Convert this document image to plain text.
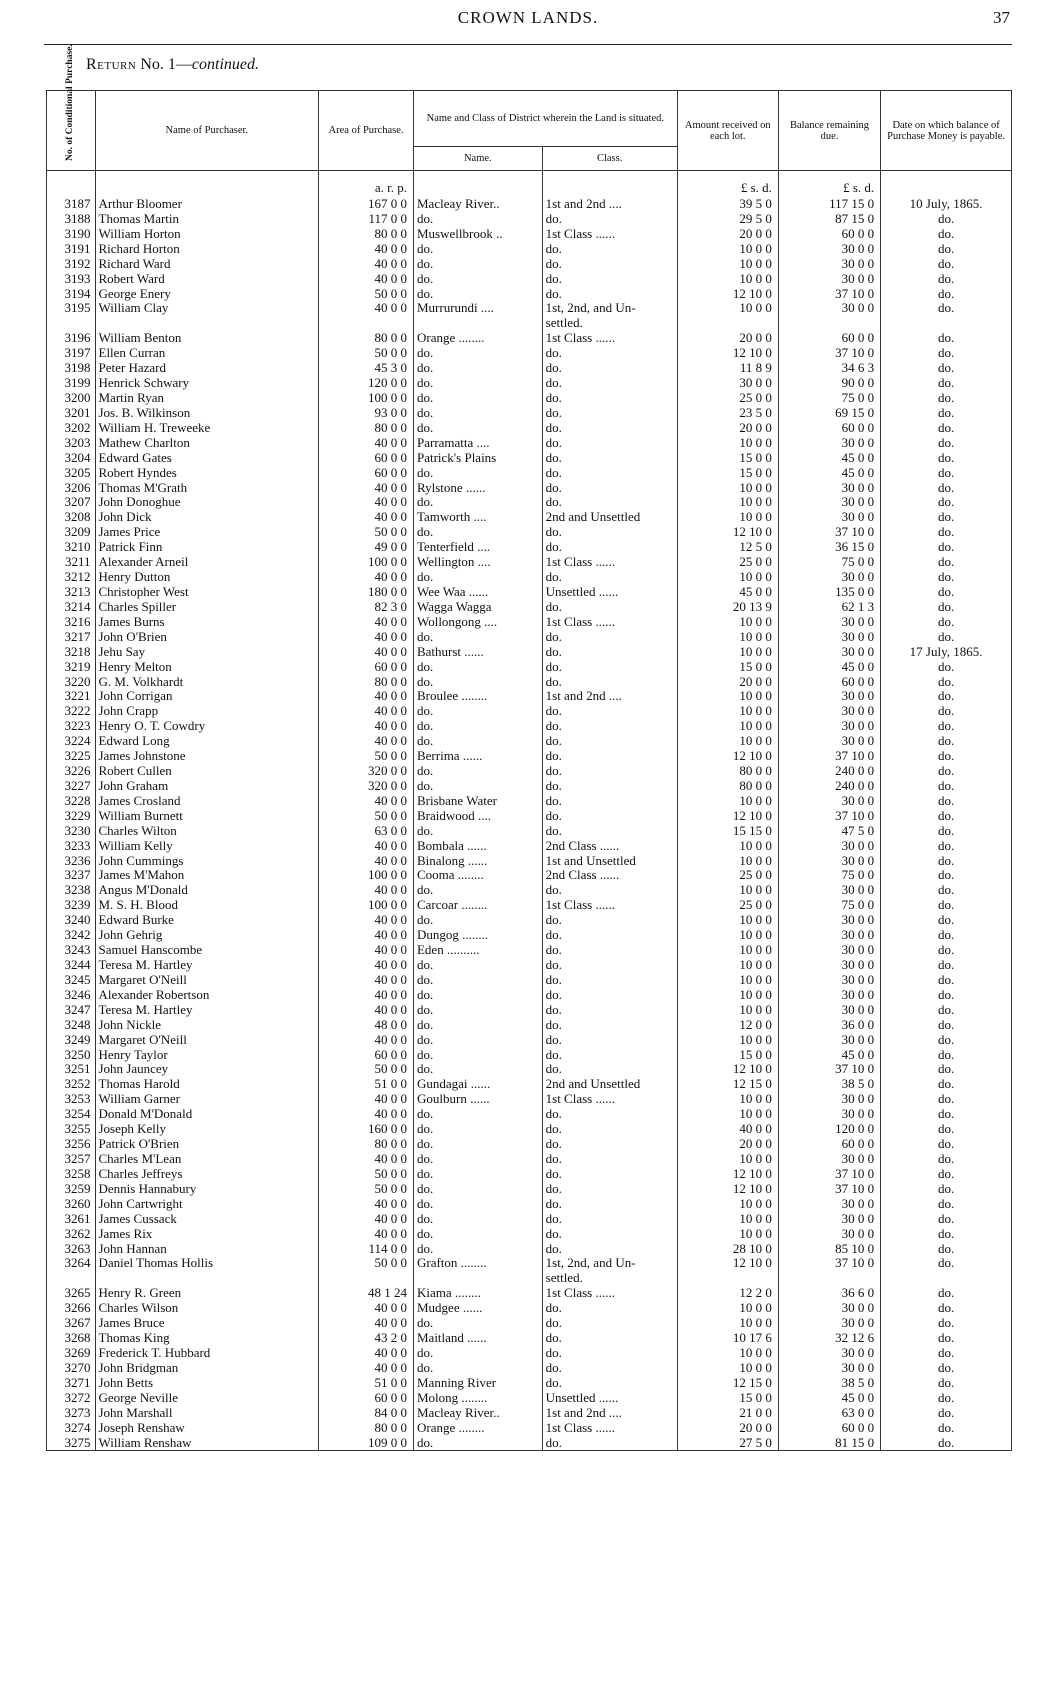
CROWN LANDS.	37
Return No. 1—continued.
No. of Conditional Purchase.	Name of Purchaser.	Area of Purchase.	Name and Class of District wherein the Land is situated.		Amount received on each lot.	Balance remaining due.	Date on which balance of Purchase Money is payable.
			Name.	Class.			
		a. r. p.			£ s. d.	£ s. d.	
3187	Arthur Bloomer	167 0 0	Macleay River..	1st and 2nd ....	39 5 0	117 15 0	10 July, 1865.
3188	Thomas Martin	117 0 0	do.	do.	29 5 0	87 15 0	do.
3190	William Horton	80 0 0	Muswellbrook ..	1st Class ......	20 0 0	60 0 0	do.
3191	Richard Horton	40 0 0	do.	do.	10 0 0	30 0 0	do.
3192	Richard Ward	40 0 0	do.	do.	10 0 0	30 0 0	do.
3193	Robert Ward	40 0 0	do.	do.	10 0 0	30 0 0	do.
3194	George Enery	50 0 0	do.	do.	12 10 0	37 10 0	do.
3195	William Clay	40 0 0	Murrurundi ....	1st, 2nd, and Un-	10 0 0	30 0 0	do.
				settled.			

3196	William Benton	80 0 0	Orange ........	1st Class ......	20 0 0	60 0 0	do.
3197	Ellen Curran	50 0 0	do.	do.	12 10 0	37 10 0	do.
3198	Peter Hazard	45 3 0	do.	do.	11 8 9	34 6 3	do.
3199	Henrick Schwary	120 0 0	do.	do.	30 0 0	90 0 0	do.
3200	Martin Ryan	100 0 0	do.	do.	25 0 0	75 0 0	do.
3201	Jos. B. Wilkinson	93 0 0	do.	do.	23 5 0	69 15 0	do.
3202	William H. Treweeke	80 0 0	do.	do.	20 0 0	60 0 0	do.
3203	Mathew Charlton	40 0 0	Parramatta ....	do.	10 0 0	30 0 0	do.
3204	Edward Gates	60 0 0	Patrick's Plains	do.	15 0 0	45 0 0	do.
3205	Robert Hyndes	60 0 0	do.	do.	15 0 0	45 0 0	do.
3206	Thomas M'Grath	40 0 0	Rylstone ......	do.	10 0 0	30 0 0	do.
3207	John Donoghue	40 0 0	do.	do.	10 0 0	30 0 0	do.
3208	John Dick	40 0 0	Tamworth ....	2nd and Unsettled	10 0 0	30 0 0	do.
3209	James Price	50 0 0	do.	do.	12 10 0	37 10 0	do.
3210	Patrick Finn	49 0 0	Tenterfield ....	do.	12 5 0	36 15 0	do.
3211	Alexander Arneil	100 0 0	Wellington ....	1st Class ......	25 0 0	75 0 0	do.
3212	Henry Dutton	40 0 0	do.	do.	10 0 0	30 0 0	do.
3213	Christopher West	180 0 0	Wee Waa ......	Unsettled ......	45 0 0	135 0 0	do.
3214	Charles Spiller	82 3 0	Wagga Wagga	do.	20 13 9	62 1 3	do.
3216	James Burns	40 0 0	Wollongong ....	1st Class ......	10 0 0	30 0 0	do.
3217	John O'Brien	40 0 0	do.	do.	10 0 0	30 0 0	do.
3218	Jehu Say	40 0 0	Bathurst ......	do.	10 0 0	30 0 0	17 July, 1865.
3219	Henry Melton	60 0 0	do.	do.	15 0 0	45 0 0	do.
3220	G. M. Volkhardt	80 0 0	do.	do.	20 0 0	60 0 0	do.
3221	John Corrigan	40 0 0	Broulee ........	1st and 2nd ....	10 0 0	30 0 0	do.
3222	John Crapp	40 0 0	do.	do.	10 0 0	30 0 0	do.
3223	Henry O. T. Cowdry	40 0 0	do.	do.	10 0 0	30 0 0	do.
3224	Edward Long	40 0 0	do.	do.	10 0 0	30 0 0	do.
3225	James Johnstone	50 0 0	Berrima ......	do.	12 10 0	37 10 0	do.
3226	Robert Cullen	320 0 0	do.	do.	80 0 0	240 0 0	do.
3227	John Graham	320 0 0	do.	do.	80 0 0	240 0 0	do.
3228	James Crosland	40 0 0	Brisbane Water	do.	10 0 0	30 0 0	do.
3229	William Burnett	50 0 0	Braidwood ....	do.	12 10 0	37 10 0	do.
3230	Charles Wilton	63 0 0	do.	do.	15 15 0	47 5 0	do.
3233	William Kelly	40 0 0	Bombala ......	2nd Class ......	10 0 0	30 0 0	do.
3236	John Cummings	40 0 0	Binalong ......	1st and Unsettled	10 0 0	30 0 0	do.
3237	James M'Mahon	100 0 0	Cooma ........	2nd Class ......	25 0 0	75 0 0	do.
3238	Angus M'Donald	40 0 0	do.	do.	10 0 0	30 0 0	do.
3239	M. S. H. Blood	100 0 0	Carcoar ........	1st Class ......	25 0 0	75 0 0	do.
3240	Edward Burke	40 0 0	do.	do.	10 0 0	30 0 0	do.
3242	John Gehrig	40 0 0	Dungog ........	do.	10 0 0	30 0 0	do.
3243	Samuel Hanscombe	40 0 0	Eden ..........	do.	10 0 0	30 0 0	do.
3244	Teresa M. Hartley	40 0 0	do.	do.	10 0 0	30 0 0	do.
3245	Margaret O'Neill	40 0 0	do.	do.	10 0 0	30 0 0	do.
3246	Alexander Robertson	40 0 0	do.	do.	10 0 0	30 0 0	do.
3247	Teresa M. Hartley	40 0 0	do.	do.	10 0 0	30 0 0	do.
3248	John Nickle	48 0 0	do.	do.	12 0 0	36 0 0	do.
3249	Margaret O'Neill	40 0 0	do.	do.	10 0 0	30 0 0	do.
3250	Henry Taylor	60 0 0	do.	do.	15 0 0	45 0 0	do.
3251	John Jauncey	50 0 0	do.	do.	12 10 0	37 10 0	do.
3252	Thomas Harold	51 0 0	Gundagai ......	2nd and Unsettled	12 15 0	38 5 0	do.
3253	William Garner	40 0 0	Goulburn ......	1st Class ......	10 0 0	30 0 0	do.
3254	Donald M'Donald	40 0 0	do.	do.	10 0 0	30 0 0	do.
3255	Joseph Kelly	160 0 0	do.	do.	40 0 0	120 0 0	do.
3256	Patrick O'Brien	80 0 0	do.	do.	20 0 0	60 0 0	do.
3257	Charles M'Lean	40 0 0	do.	do.	10 0 0	30 0 0	do.
3258	Charles Jeffreys	50 0 0	do.	do.	12 10 0	37 10 0	do.
3259	Dennis Hannabury	50 0 0	do.	do.	12 10 0	37 10 0	do.
3260	John Cartwright	40 0 0	do.	do.	10 0 0	30 0 0	do.
3261	James Cussack	40 0 0	do.	do.	10 0 0	30 0 0	do.
3262	James Rix	40 0 0	do.	do.	10 0 0	30 0 0	do.
3263	John Hannan	114 0 0	do.	do.	28 10 0	85 10 0	do.
3264	Daniel Thomas Hollis	50 0 0	Grafton ........	1st, 2nd, and Un-	12 10 0	37 10 0	do.
				settled.			

3265	Henry R. Green	48 1 24	Kiama ........	1st Class ......	12 2 0	36 6 0	do.
3266	Charles Wilson	40 0 0	Mudgee ......	do.	10 0 0	30 0 0	do.
3267	James Bruce	40 0 0	do.	do.	10 0 0	30 0 0	do.
3268	Thomas King	43 2 0	Maitland ......	do.	10 17 6	32 12 6	do.
3269	Frederick T. Hubbard	40 0 0	do.	do.	10 0 0	30 0 0	do.
3270	John Bridgman	40 0 0	do.	do.	10 0 0	30 0 0	do.
3271	John Betts	51 0 0	Manning River	do.	12 15 0	38 5 0	do.
3272	George Neville	60 0 0	Molong ........	Unsettled ......	15 0 0	45 0 0	do.
3273	John Marshall	84 0 0	Macleay River..	1st and 2nd ....	21 0 0	63 0 0	do.
3274	Joseph Renshaw	80 0 0	Orange ........	1st Class ......	20 0 0	60 0 0	do.
3275	William Renshaw	109 0 0	do.	do.	27 5 0	81 15 0	do.
